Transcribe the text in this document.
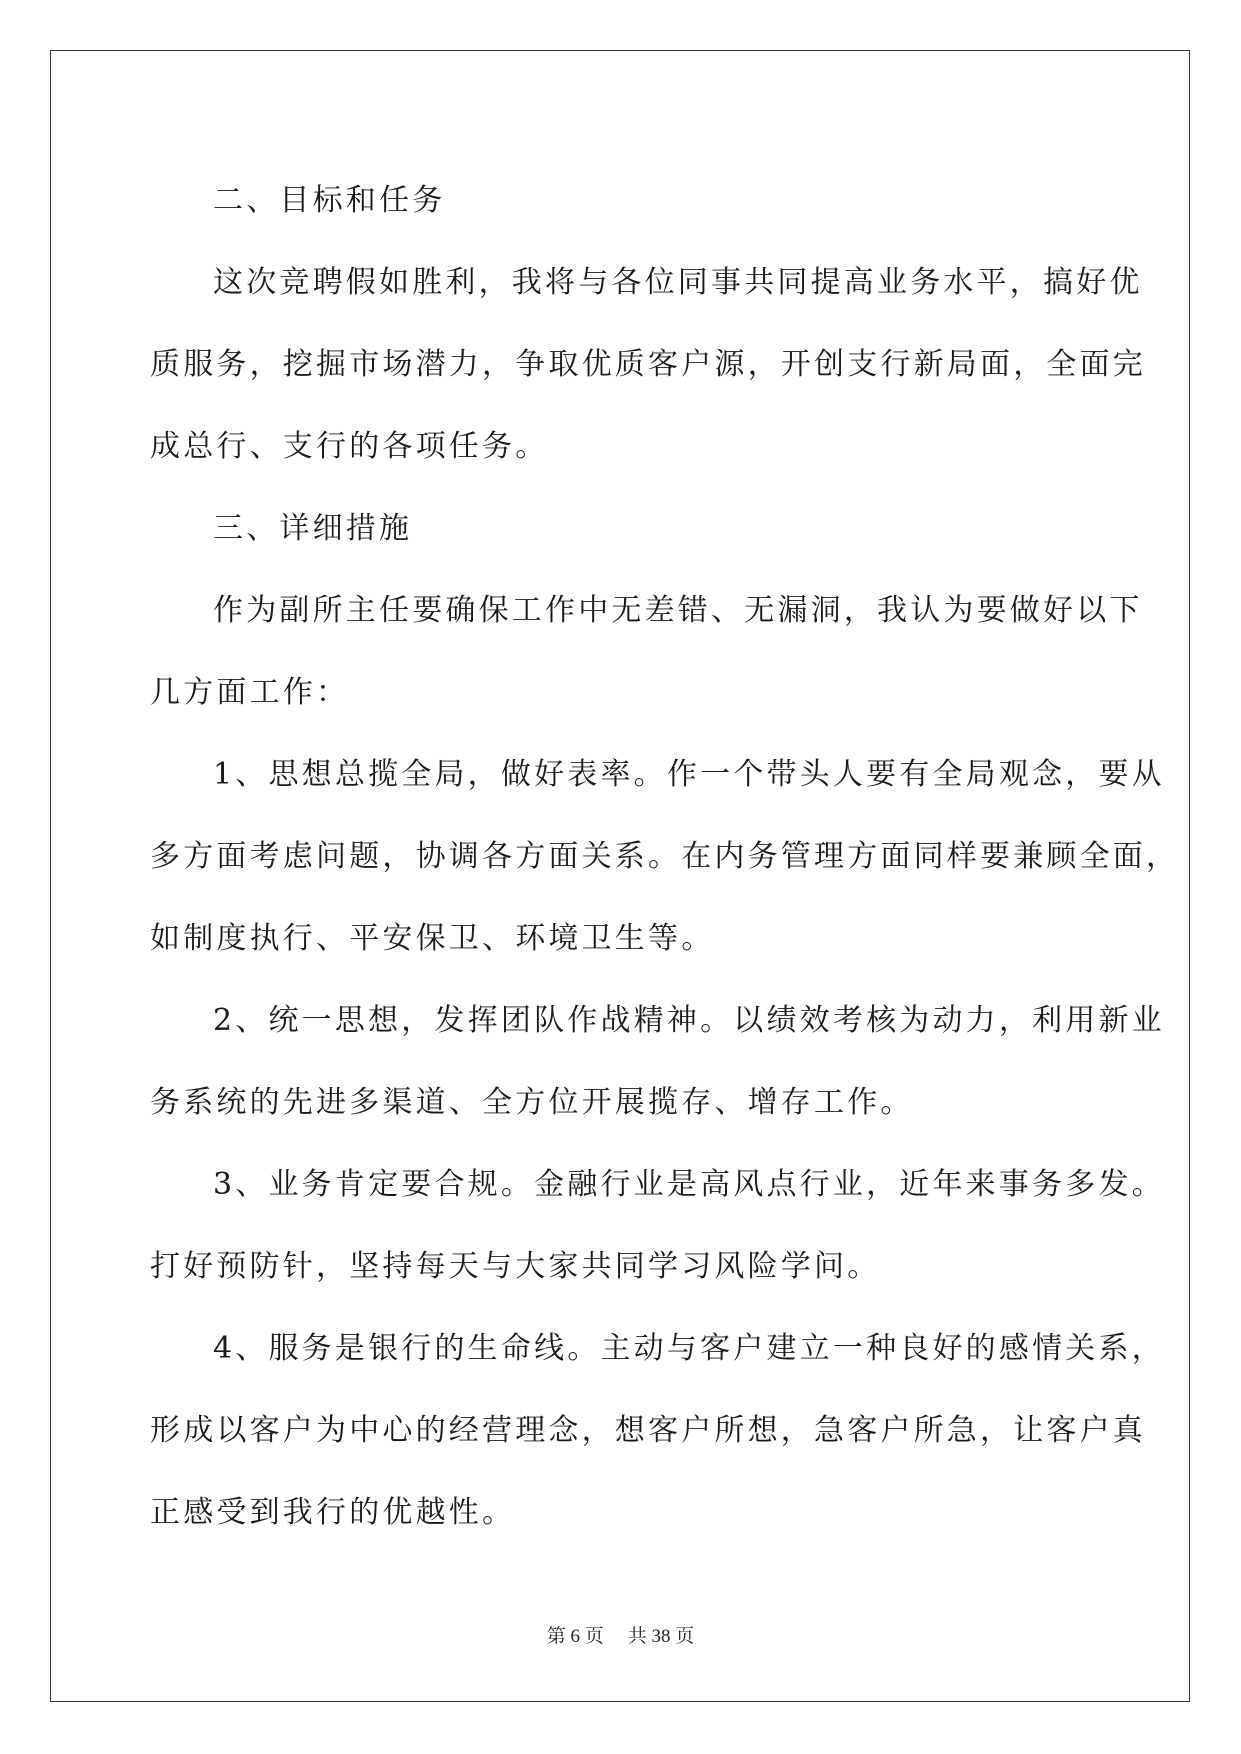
二、目标和任务

这次竞聘假如胜利，我将与各位同事共同提高业务水平，搞好优

质服务，挖掘市场潜力，争取优质客户源，开创支行新局面，全面完

成总行、支行的各项任务。

三、详细措施

作为副所主任要确保工作中无差错、无漏洞，我认为要做好以下

几方面工作：

1、思想总揽全局，做好表率。作一个带头人要有全局观念，要从

多方面考虑问题，协调各方面关系。在内务管理方面同样要兼顾全面，

如制度执行、平安保卫、环境卫生等。

2、统一思想，发挥团队作战精神。以绩效考核为动力，利用新业

务系统的先进多渠道、全方位开展揽存、增存工作。

3、业务肯定要合规。金融行业是高风点行业，近年来事务多发。

打好预防针，坚持每天与大家共同学习风险学问。

4、服务是银行的生命线。主动与客户建立一种良好的感情关系，

形成以客户为中心的经营理念，想客户所想，急客户所急，让客户真

正感受到我行的优越性。

第 6 页 共 38 页
